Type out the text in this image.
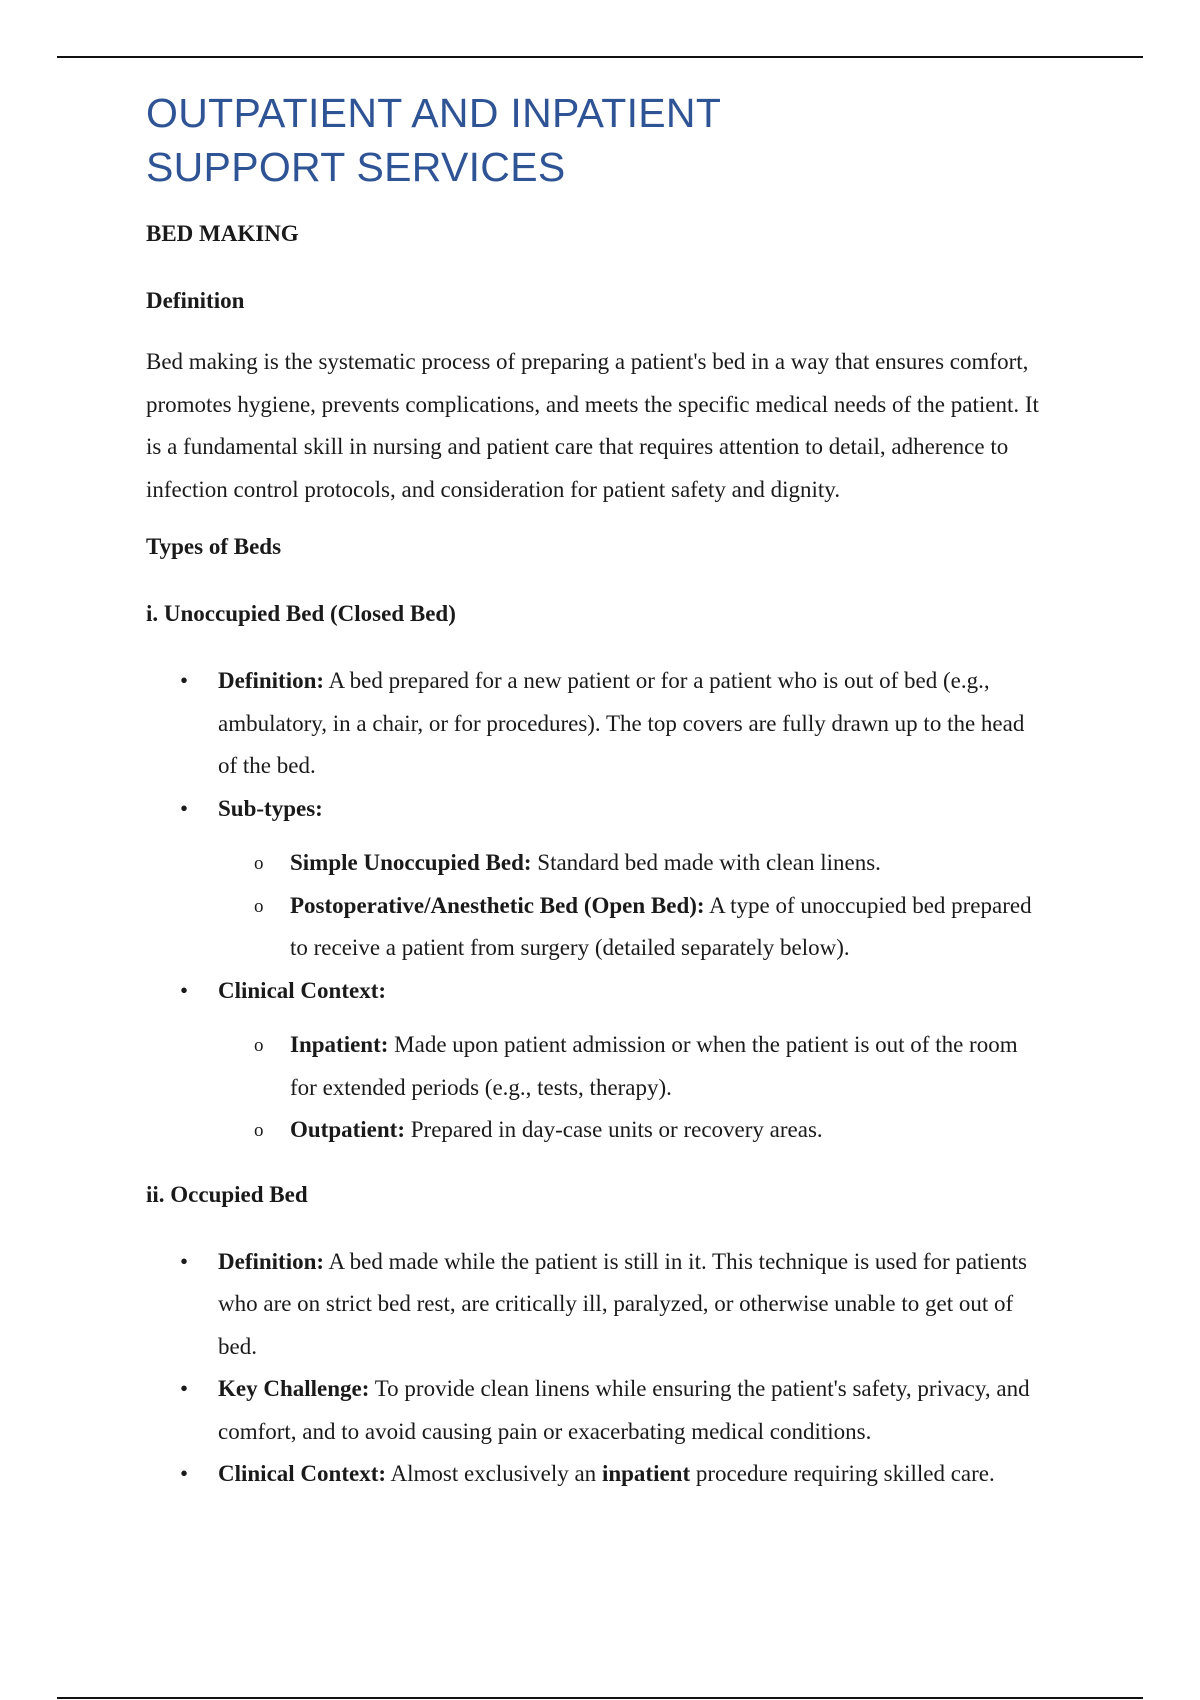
OUTPATIENT AND INPATIENT SUPPORT SERVICES

BED MAKING

Definition

Bed making is the systematic process of preparing a patient's bed in a way that ensures comfort, promotes hygiene, prevents complications, and meets the specific medical needs of the patient. It is a fundamental skill in nursing and patient care that requires attention to detail, adherence to infection control protocols, and consideration for patient safety and dignity.

Types of Beds

i. Unoccupied Bed (Closed Bed)

• Definition: A bed prepared for a new patient or for a patient who is out of bed (e.g., ambulatory, in a chair, or for procedures). The top covers are fully drawn up to the head of the bed.
• Sub-types:
o Simple Unoccupied Bed: Standard bed made with clean linens.
o Postoperative/Anesthetic Bed (Open Bed): A type of unoccupied bed prepared to receive a patient from surgery (detailed separately below).
• Clinical Context:
o Inpatient: Made upon patient admission or when the patient is out of the room for extended periods (e.g., tests, therapy).
o Outpatient: Prepared in day-case units or recovery areas.

ii. Occupied Bed

• Definition: A bed made while the patient is still in it. This technique is used for patients who are on strict bed rest, are critically ill, paralyzed, or otherwise unable to get out of bed.
• Key Challenge: To provide clean linens while ensuring the patient's safety, privacy, and comfort, and to avoid causing pain or exacerbating medical conditions.
• Clinical Context: Almost exclusively an inpatient procedure requiring skilled care.
